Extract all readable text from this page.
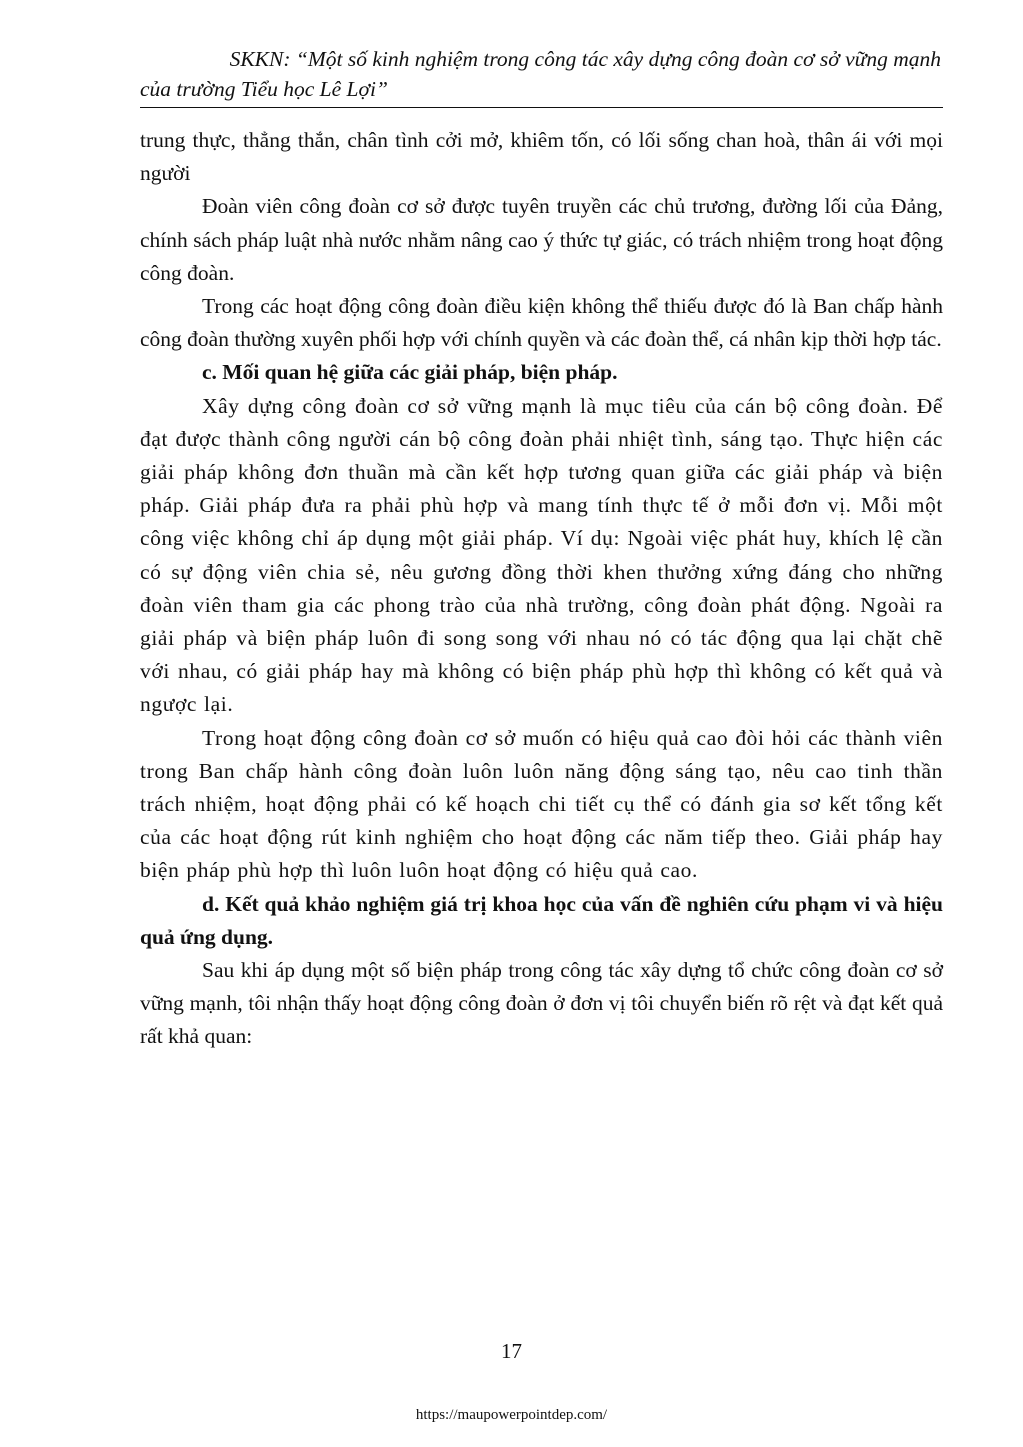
SKKN: “Một số kinh nghiệm trong công tác xây dựng công đoàn cơ sở vững mạnh
của trường Tiểu học Lê Lợi”

trung thực, thẳng thắn, chân tình cởi mở, khiêm tốn, có lối sống chan hoà, thân ái với mọi người

Đoàn viên công đoàn cơ sở được tuyên truyền các chủ trương, đường lối của Đảng, chính sách pháp luật nhà nước nhằm nâng cao ý thức tự giác, có trách nhiệm trong hoạt động công đoàn.

Trong các hoạt động công đoàn điều kiện không thể thiếu được đó là Ban chấp hành công đoàn thường xuyên phối hợp với chính quyền và các đoàn thể, cá nhân kịp thời hợp tác.

c. Mối quan hệ giữa các giải pháp, biện pháp.

Xây dựng công đoàn cơ sở vững mạnh là mục tiêu của cán bộ công đoàn. Để đạt được thành công người cán bộ công đoàn phải nhiệt tình, sáng tạo. Thực hiện các giải pháp không đơn thuần mà cần kết hợp tương quan giữa các giải pháp và biện pháp. Giải pháp đưa ra phải phù hợp và mang tính thực tế ở mỗi đơn vị. Mỗi một công việc không chỉ áp dụng một giải pháp. Ví dụ: Ngoài việc phát huy, khích lệ cần có sự động viên chia sẻ, nêu gương đồng thời khen thưởng xứng đáng cho những đoàn viên tham gia các phong trào của nhà trường, công đoàn phát động. Ngoài ra giải pháp và biện pháp luôn đi song song với nhau nó có tác động qua lại chặt chẽ với nhau, có giải pháp hay mà không có biện pháp phù hợp thì không có kết quả và ngược lại.

Trong hoạt động công đoàn cơ sở muốn có hiệu quả cao đòi hỏi các thành viên trong Ban chấp hành công đoàn luôn luôn năng động sáng tạo, nêu cao tinh thần trách nhiệm, hoạt động phải có kế hoạch chi tiết cụ thể có đánh gia sơ kết tổng kết của các hoạt động rút kinh nghiệm cho hoạt động các năm tiếp theo. Giải pháp hay biện pháp phù hợp thì luôn luôn hoạt động có hiệu quả cao.

d. Kết quả khảo nghiệm giá trị khoa học của vấn đề nghiên cứu phạm vi và hiệu quả ứng dụng.

Sau khi áp dụng một số biện pháp trong công tác xây dựng tổ chức công đoàn cơ sở vững mạnh, tôi nhận thấy hoạt động công đoàn ở đơn vị tôi chuyển biến rõ rệt và đạt kết quả rất khả quan:

17
https://maupowerpointdep.com/
